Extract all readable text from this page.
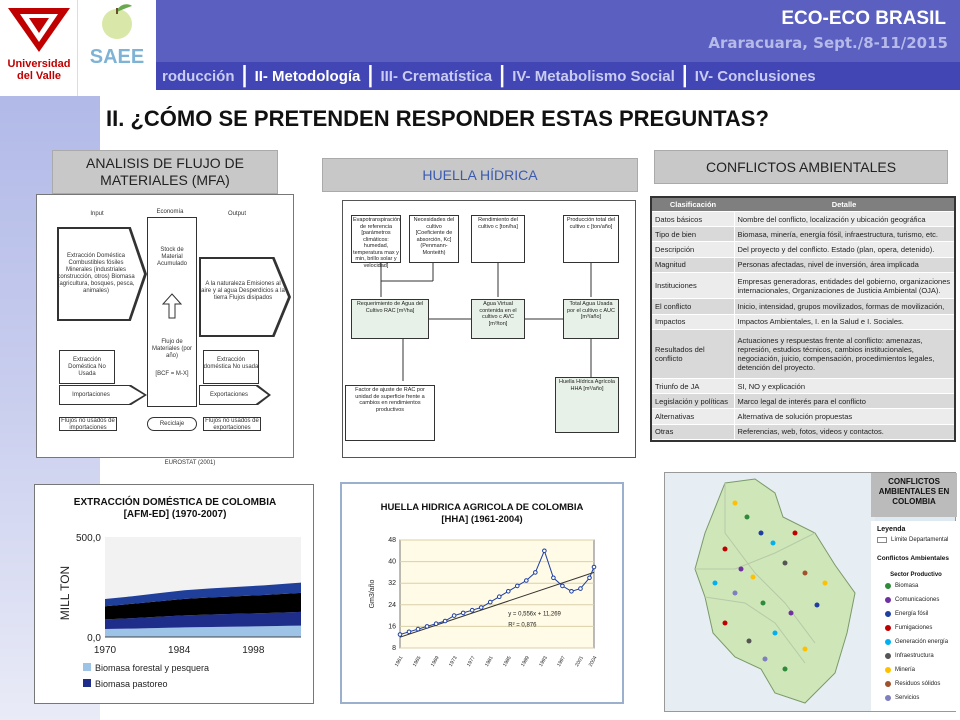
Universidad
del Valle
SAEE
ECO-ECO BRASIL
Araracuara, Sept./8-11/2015
roducción | II- Metodología | III- Crematística | IV- Metabolismo Social | IV- Conclusiones
II. ¿CÓMO SE PRETENDEN RESPONDER ESTAS PREGUNTAS?
ANALISIS DE FLUJO DE
MATERIALES (MFA)
Input	Economía	Output
Extracción Doméstica Combustibles fósiles Minerales (industriales construcción, otros) Biomasa (agricultura, bosques, pesca, animales)
Stock de Material Acumulado
Flujo de Materiales (por año)
[BCF = M-X]
A la naturaleza Emisiones al aire y al agua Desperdicios a la tierra Flujos disipados
Extracción Doméstica No Usada
Extracción doméstica No usada
Importaciones	Exportaciones
Flujos no usados de importaciones
Reciclaje	Flujos no usados de exportaciones
EUROSTAT (2001)
HUELLA HÍDRICA
Evapotranspiración de referencia [parámetros climáticos: humedad, temperatura max y min, brillo solar y velocidad]
Necesidades del cultivo [Coeficiente de absorción, Kc] (Penmann-Monteith)
Rendimiento del cultivo c [ton/ha]
Producción total del cultivo c [ton/año]
Requerimiento de Agua del Cultivo RAC [m³/ha]
Agua Virtual contenida en el cultivo c AVC [m³/ton]
Total Agua Usada por el cultivo c AUC [m³/año]
Factor de ajuste de RAC por unidad de superficie frente a cambios en rendimientos productivos
Huella Hídrica Agrícola HHA [m³/año]
CONFLICTOS AMBIENTALES
Clasificación	Detalle
Datos básicos	Nombre del conflicto, localización y ubicación geográfica
Tipo de bien	Biomasa, minería, energía fósil, infraestructura, turismo, etc.
Descripción	Del proyecto y del conflicto. Estado (plan, opera, detenido).
Magnitud	Personas afectadas, nivel de inversión, área implicada
Instituciones	Empresas generadoras, entidades del gobierno, organizaciones internacionales, Organizaciones de Justicia Ambiental (OJA).
El conflicto	Inicio, intensidad, grupos movilizados, formas de movilización,
Impactos	Impactos Ambientales, I. en la Salud e I. Sociales.
Resultados del conflicto	Actuaciones y respuestas frente al conflicto: amenazas, represión, estudios técnicos, cambios institucionales, negociación, juicio, compensación, procedimientos legales, detención del proyecto.
Triunfo de JA	SI, NO y explicación
Legislación y políticas	Marco legal de interés para el conflicto
Alternativas	Alternativa de solución propuestas
Otras	Referencias, web, fotos, videos y contactos.
EXTRACCIÓN DOMÉSTICA DE COLOMBIA [AFM-ED] (1970-2007)
500,0
0,0
1970	1984	1998
MILL TON
Biomasa forestal y pesquera
Biomasa pastoreo
HUELLA HIDRICA AGRICOLA DE COLOMBIA [HHA] (1961-2004)
8
16
24
32
40
48
1961 1965 1969 1973 1977 1981 1985 1989 1993 1997 2001 2004
Gm3/año
y = 0,556x + 11,269
R² = 0,876
CONFLICTOS AMBIENTALES EN COLOMBIA
Leyenda
Límite Departamental
Conflictos Ambientales
Sector Productivo
Biomasa
Comunicaciones
Energía fósil
Fumigaciones
Generación energía
Infraestructura
Minería
Residuos sólidos
Servicios
